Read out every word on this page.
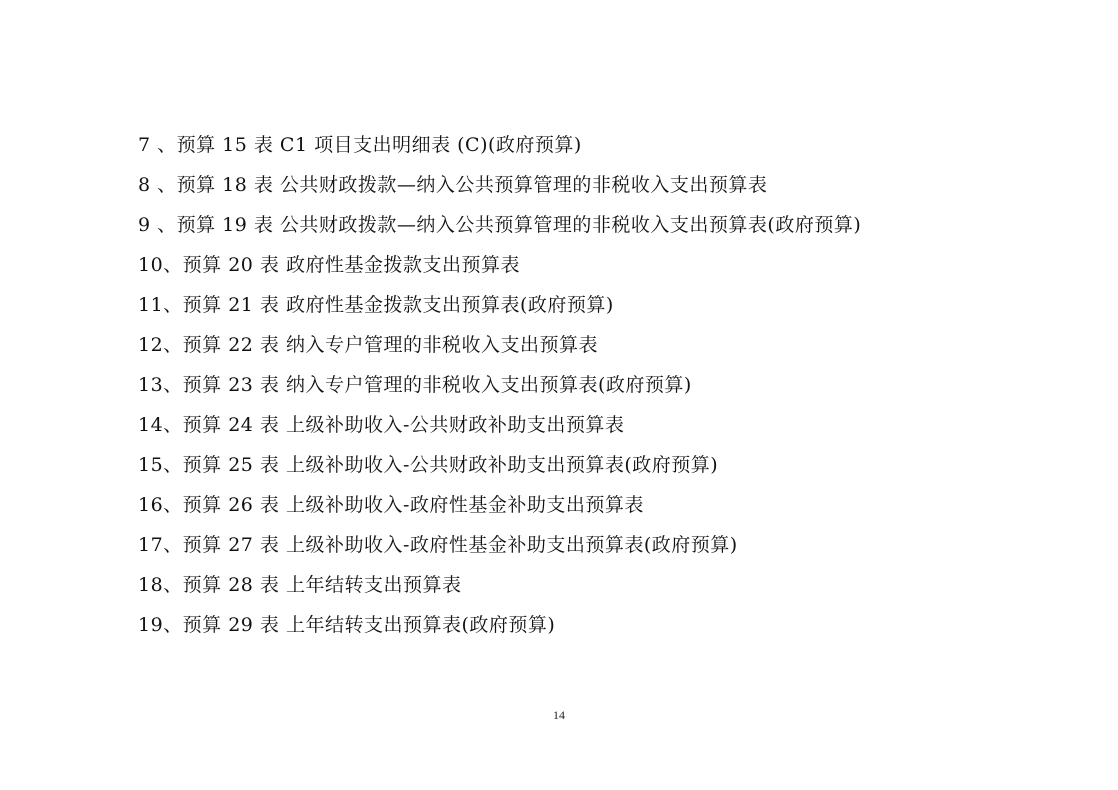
7 、预算 15 表 C1 项目支出明细表 (C)(政府预算)
8 、预算 18 表 公共财政拨款—纳入公共预算管理的非税收入支出预算表
9 、预算 19 表 公共财政拨款—纳入公共预算管理的非税收入支出预算表(政府预算)
10、预算 20 表 政府性基金拨款支出预算表
11、预算 21 表 政府性基金拨款支出预算表(政府预算)
12、预算 22 表 纳入专户管理的非税收入支出预算表
13、预算 23 表 纳入专户管理的非税收入支出预算表(政府预算)
14、预算 24 表 上级补助收入-公共财政补助支出预算表
15、预算 25 表 上级补助收入-公共财政补助支出预算表(政府预算)
16、预算 26 表 上级补助收入-政府性基金补助支出预算表
17、预算 27 表 上级补助收入-政府性基金补助支出预算表(政府预算)
18、预算 28 表 上年结转支出预算表
19、预算 29 表 上年结转支出预算表(政府预算)
14
